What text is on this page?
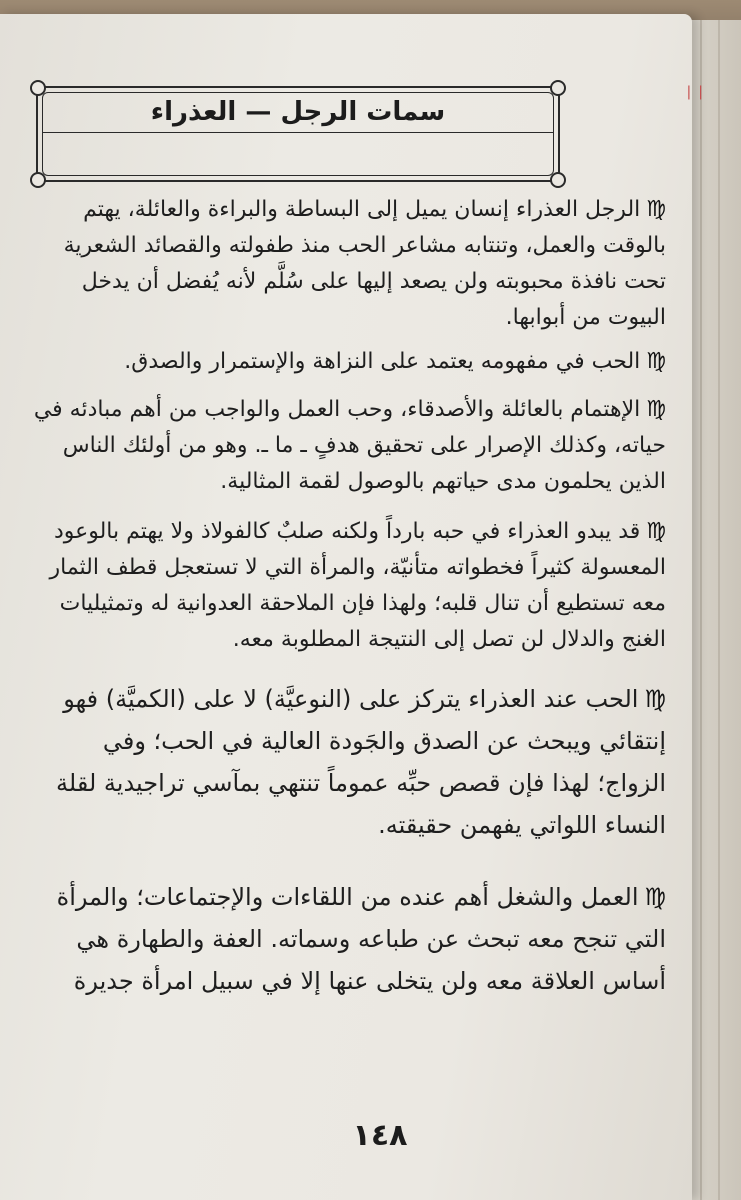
❘❘
سمات الرجل — العذراء
♍الرجل العذراء إنسان يميل إلى البساطة والبراءة والعائلة، يهتم بالوقت والعمل، وتنتابه مشاعر الحب منذ طفولته والقصائد الشعرية تحت نافذة محبوبته ولن يصعد إليها على سُلَّم لأنه يُفضل أن يدخل البيوت من أبوابها.
♍الحب في مفهومه يعتمد على النزاهة والإستمرار والصدق.
♍الإهتمام بالعائلة والأصدقاء، وحب العمل والواجب من أهم مبادئه في حياته، وكذلك الإصرار على تحقيق هدفٍ ـ ما ـ. وهو من أولئك الناس الذين يحلمون مدى حياتهم بالوصول لقمة المثالية.
♍قد يبدو العذراء في حبه بارداً ولكنه صلبٌ كالفولاذ ولا يهتم بالوعود المعسولة كثيراً فخطواته متأنيّة، والمرأة التي لا تستعجل قطف الثمار معه تستطيع أن تنال قلبه؛ ولهذا فإن الملاحقة العدوانية له وتمثيليات الغنج والدلال لن تصل إلى النتيجة المطلوبة معه.
♍الحب عند العذراء يتركز على (النوعيَّة) لا على (الكميَّة) فهو إنتقائي ويبحث عن الصدق والجَودة العالية في الحب؛ وفي الزواج؛ لهذا فإن قصص حبِّه عموماً تنتهي بمآسي تراجيدية لقلة النساء اللواتي يفهمن حقيقته.
♍العمل والشغل أهم عنده من اللقاءات والإجتماعات؛ والمرأة التي تنجح معه تبحث عن طباعه وسماته. العفة والطهارة هي أساس العلاقة معه ولن يتخلى عنها إلا في سبيل امرأة جديرة
١٤٨
